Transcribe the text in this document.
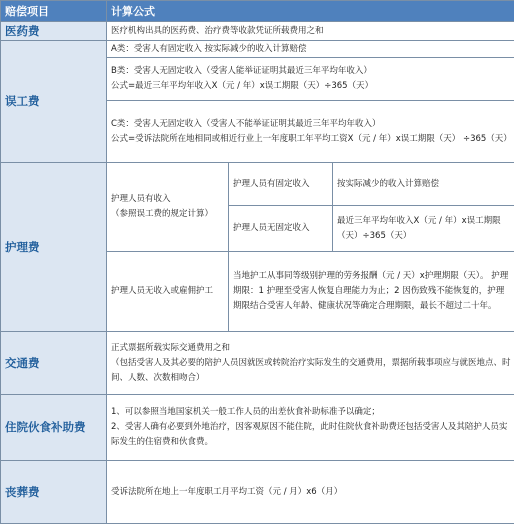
赔偿项目	计算公式		
医药费	医疗机构出具的医药费、治疗费等收款凭证所载费用之和		
误工费	A类：受害人有固定收入 按实际减少的收入计算赔偿		

	B类：受害人无固定收入（受害人能举证证明其最近三年平均年收入）
公式=最近三年平均年收入Ⅹ（元 / 年）x误工期限（天）÷365（天）		

	C类：受害人无固定收入（受害人不能举证证明其最近三年平均年收入）
公式=受诉法院所在地相同或相近行业上一年度职工年平均工资Ⅹ（元 / 年）x误工期限（天） ÷365（天）		

护理费	护理人员有收入
（参照误工费的规定计算）	护理人员有固定收入	按实际减少的收入计算赔偿
		护理人员无固定收入	最近三年平均年收入Ⅹ（元 / 年）x误工期限（天）÷365（天）
	护理人员无收入或雇佣护工	当地护工从事同等级别护理的劳务报酬（元 / 天）x护理期限（天）。 护理期限：1 护理至受害人恢复自理能力为止；2 因伤致残不能恢复的，护理期限结合受害人年龄、健康状况等确定合理期限，最长不超过二十年。	
交通费	正式票据所载实际交通费用之和
（包括受害人及其必要的陪护人员因就医或转院治疗实际发生的交通费用，票据所载事项应与就医地点、时间、人数、次数相吻合）		

住院伙食补助费	1、可以参照当地国家机关一般工作人员的出差伙食补助标准予以确定；
2、受害人确有必要到外地治疗，因客观原因不能住院，此时住院伙食补助费还包括受害人及其陪护人员实际发生的住宿费和伙食费。		

丧葬费	受诉法院所在地上一年度职工月平均工资（元 / 月）x6（月）		
